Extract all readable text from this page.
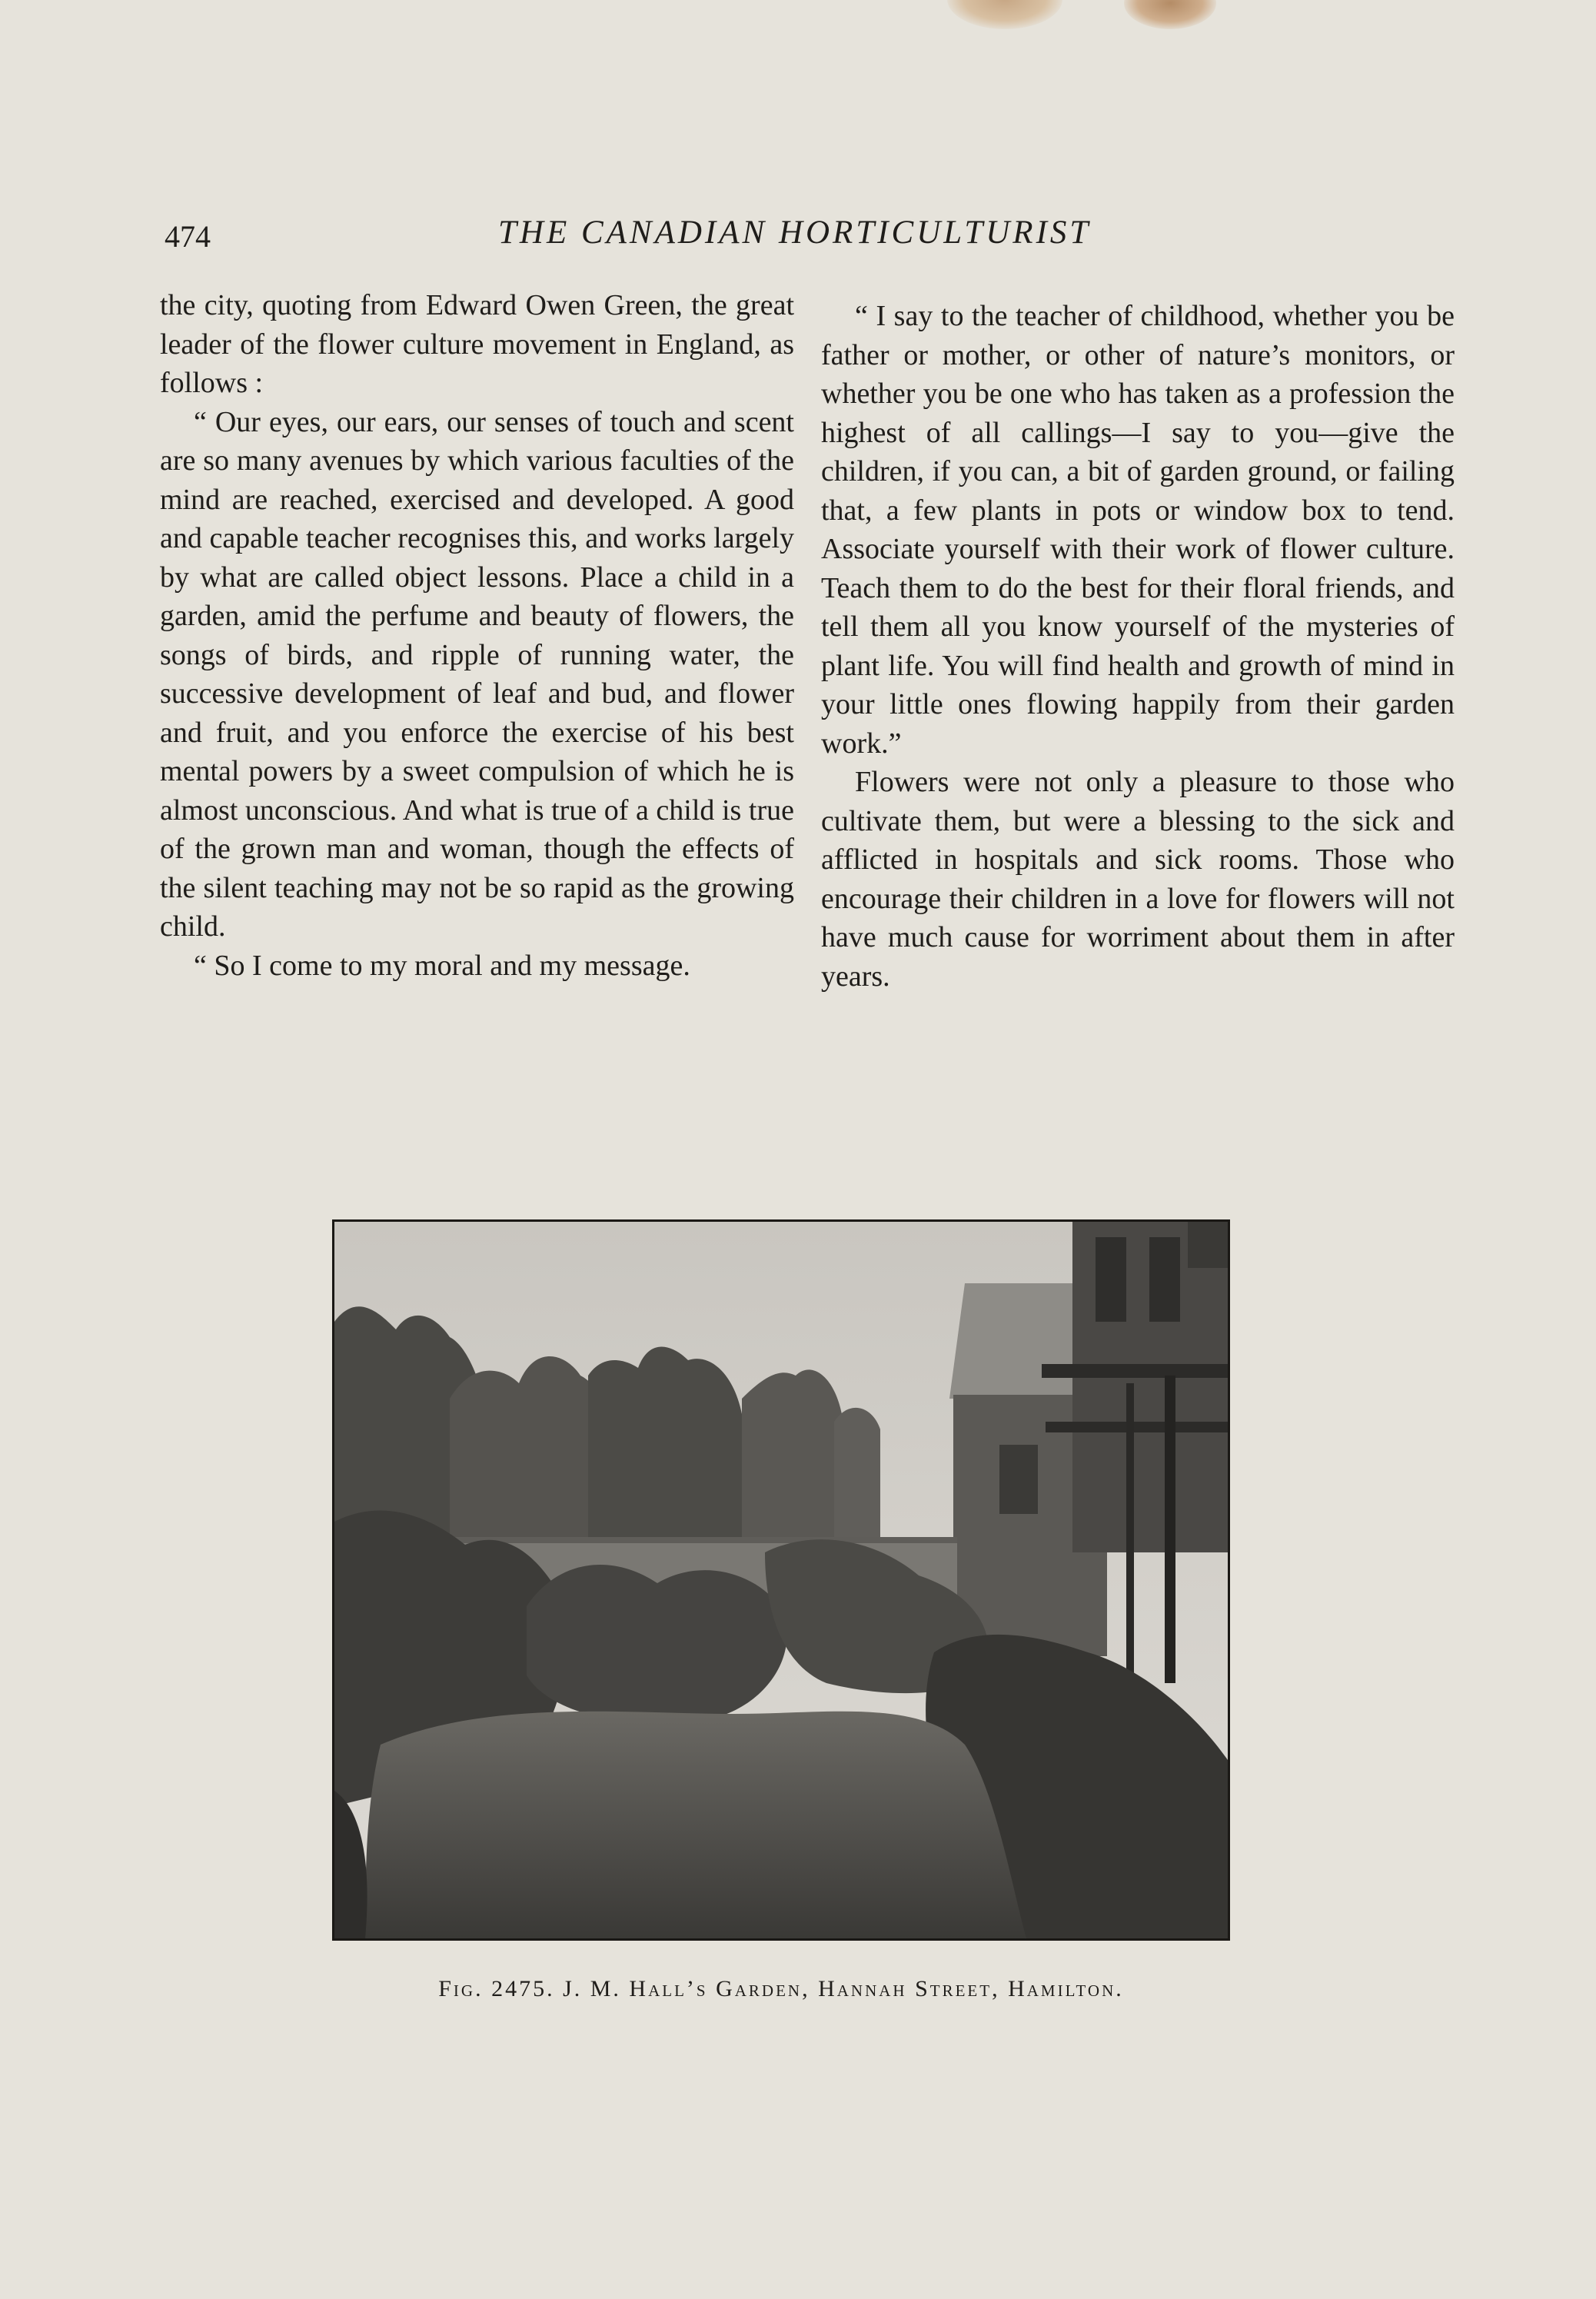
474	THE CANADIAN HORTICULTURIST

the city, quoting from Edward Owen Green, the great leader of the flower culture movement in England, as follows :

“ Our eyes, our ears, our senses of touch and scent are so many avenues by which various faculties of the mind are reached, exercised and developed. A good and capable teacher recognises this, and works largely by what are called object lessons. Place a child in a garden, amid the perfume and beauty of flowers, the songs of birds, and ripple of running water, the successive development of leaf and bud, and flower and fruit, and you enforce the exercise of his best mental powers by a sweet compulsion of which he is almost unconscious. And what is true of a child is true of the grown man and woman, though the effects of the silent teaching may not be so rapid as the growing child.

“ So I come to my moral and my message.

“ I say to the teacher of childhood, whether you be father or mother, or other of nature’s monitors, or whether you be one who has taken as a profession the highest of all callings—I say to you—give the children, if you can, a bit of garden ground, or failing that, a few plants in pots or window box to tend. Associate yourself with their work of flower culture. Teach them to do the best for their floral friends, and tell them all you know yourself of the mysteries of plant life. You will find health and growth of mind in your little ones flowing happily from their garden work.”

Flowers were not only a pleasure to those who cultivate them, but were a blessing to the sick and afflicted in hospitals and sick rooms. Those who encourage their children in a love for flowers will not have much cause for worriment about them in after years.

Fig. 2475. J. M. Hall’s Garden, Hannah Street, Hamilton.
